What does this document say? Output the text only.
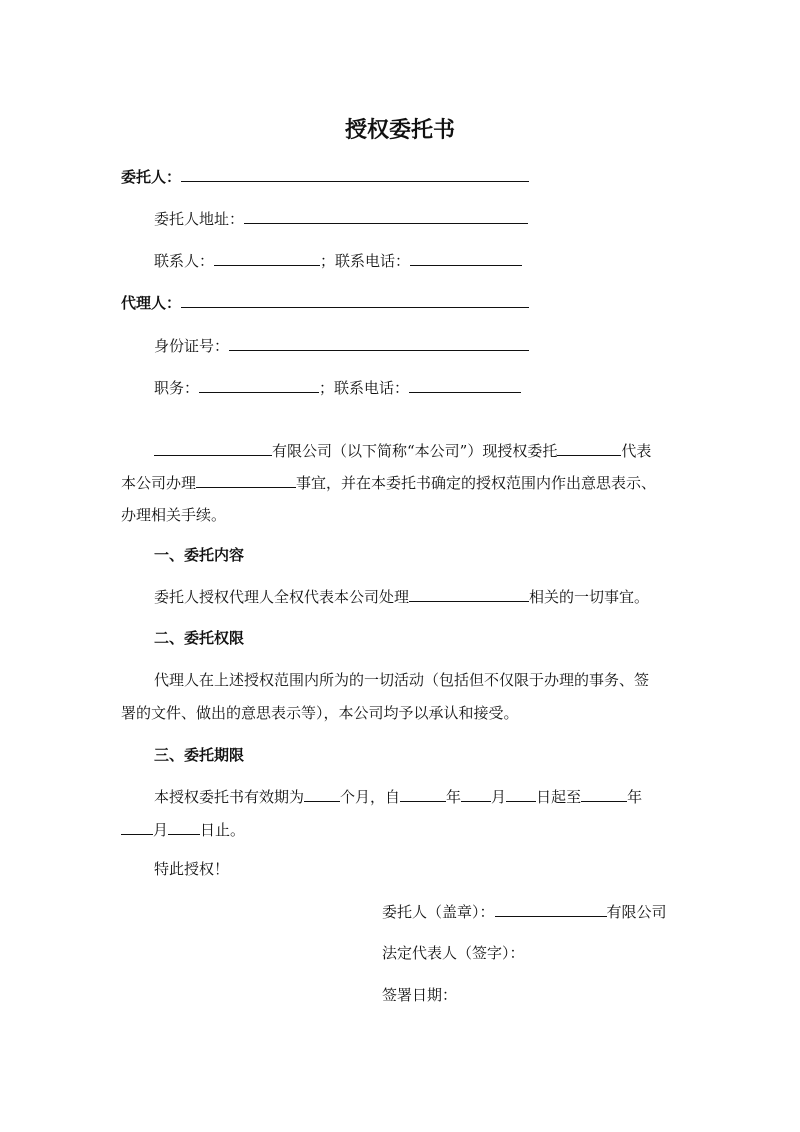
授权委托书
委托人：
委托人地址：
联系人：	；联系电话：
代理人：
身份证号：
职务：	；联系电话：
有限公司（以下简称“本公司”）现授权委托	代表
本公司办理	事宜，并在本委托书确定的授权范围内作出意思表示、
办理相关手续。
一、委托内容
委托人授权代理人全权代表本公司处理	相关的一切事宜。
二、委托权限
代理人在上述授权范围内所为的一切活动（包括但不仅限于办理的事务、签
署的文件、做出的意思表示等），本公司均予以承认和接受。
三、委托期限
本授权委托书有效期为 个月，自	年 月 日起至	年
月 日止。
特此授权！
委托人（盖章）：	有限公司
法定代表人（签字）：
签署日期：
